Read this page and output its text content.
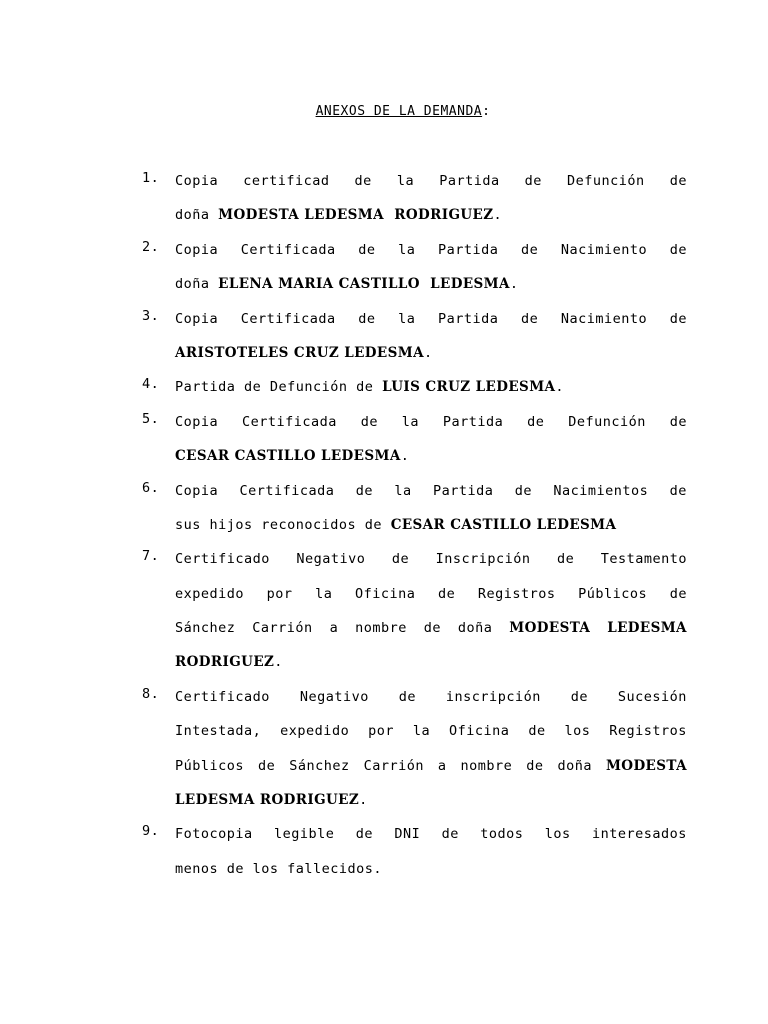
ANEXOS DE LA DEMANDA:
1. Copia certificad de la Partida de Defunción de
doña MODESTA LEDESMA  RODRIGUEZ.
2. Copia Certificada de la Partida de Nacimiento de
doña ELENA MARIA CASTILLO  LEDESMA.
3. Copia Certificada de la Partida de Nacimiento de
ARISTOTELES CRUZ LEDESMA.
4. Partida de Defunción de LUIS CRUZ LEDESMA.
5. Copia Certificada de la Partida de Defunción de
CESAR CASTILLO LEDESMA.
6. Copia Certificada de la Partida de Nacimientos de
sus hijos reconocidos de CESAR CASTILLO LEDESMA
7. Certificado Negativo de Inscripción de Testamento
expedido por la Oficina de Registros Públicos de
Sánchez Carrión a nombre de doña MODESTA LEDESMA
RODRIGUEZ.
8. Certificado Negativo de inscripción de Sucesión
Intestada, expedido por la Oficina de los Registros
Públicos de Sánchez Carrión a nombre de doña MODESTA
LEDESMA RODRIGUEZ.
9. Fotocopia legible de DNI de todos los interesados
menos de los fallecidos.
